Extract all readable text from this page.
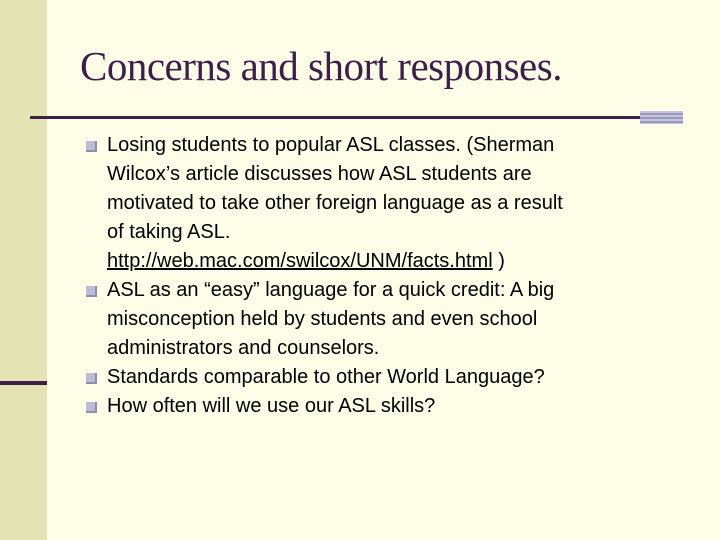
Concerns and short responses.
Losing students to popular ASL classes. (Sherman
Wilcox’s article discusses how ASL students are
motivated to take other foreign language as a result
of taking ASL.
http://web.mac.com/swilcox/UNM/facts.html )
ASL as an “easy” language for a quick credit: A big
misconception held by students and even school
administrators and counselors.
Standards comparable to other World Language?
How often will we use our ASL skills?
